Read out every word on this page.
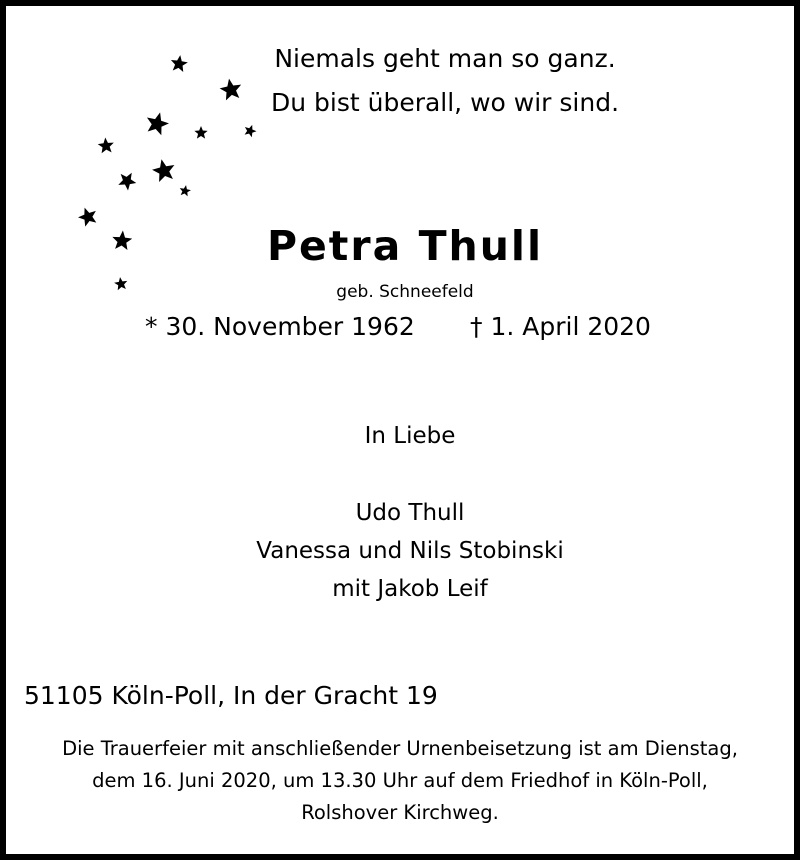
Niemals geht man so ganz.

Du bist überall, wo wir sind.

Petra Thull

geb. Schneefeld

* 30. November 1962 † 1. April 2020

In Liebe

Udo Thull

Vanessa und Nils Stobinski

mit Jakob Leif

51105 Köln-Poll, In der Gracht 19

Die Trauerfeier mit anschließender Urnenbeisetzung ist am Dienstag,

dem 16. Juni 2020, um 13.30 Uhr auf dem Friedhof in Köln-Poll,

Rolshover Kirchweg.
